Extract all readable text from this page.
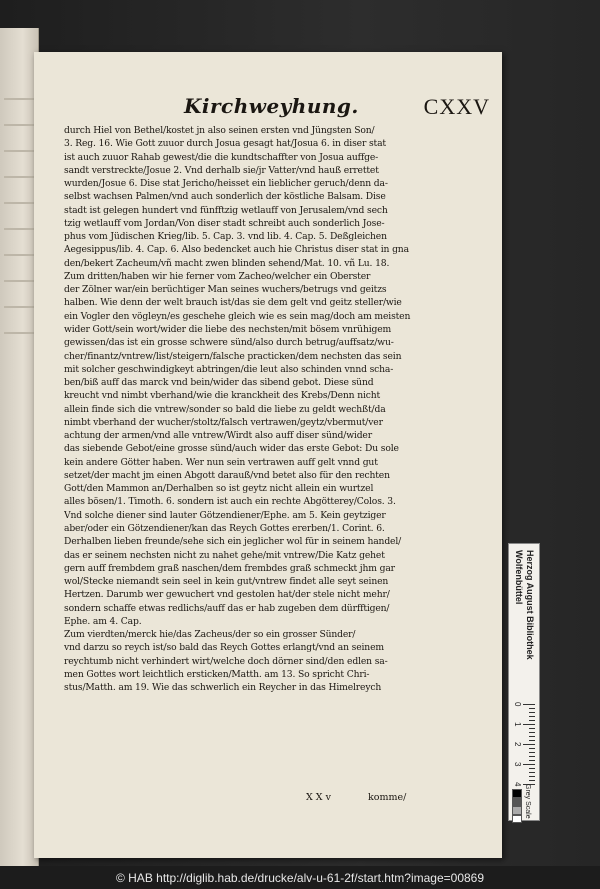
Kirchweyhung.	CXXV
durch Hiel von Bethel/kostet jn also seinen ersten vnd Jüngsten Son/
3. Reg. 16. Wie Gott zuuor durch Josua gesagt hat/Josua 6. in diser stat
ist auch zuuor Rahab gewest/die die kundtschaffter von Josua auffge-
sandt verstreckte/Josue 2. Vnd derhalb sie/jr Vatter/vnd hauß errettet
wurden/Josue 6. Dise stat Jericho/heisset ein lieblicher geruch/denn da-
selbst wachsen Palmen/vnd auch sonderlich der köstliche Balsam. Dise
stadt ist gelegen hundert vnd fünfftzig wetlauff von Jerusalem/vnd sech
tzig wetlauff vom Jordan/Von diser stadt schreibt auch sonderlich Jose-
phus vom Jüdischen Krieg/lib. 5. Cap. 3. vnd lib. 4. Cap. 5. Deßgleichen
Aegesippus/lib. 4. Cap. 6. Also bedencket auch hie Christus diser stat in gna
den/bekert Zacheum/vñ macht zwen blinden sehend/Mat. 10. vñ Lu. 18.
Zum dritten/haben wir hie ferner vom Zacheo/welcher ein Oberster
der Zölner war/ein berüchtiger Man seines wuchers/betrugs vnd geitzs
halben. Wie denn der welt brauch ist/das sie dem gelt vnd geitz steller/wie
ein Vogler den vögleyn/es geschehe gleich wie es sein mag/doch am meisten
wider Gott/sein wort/wider die liebe des nechsten/mit bösem vnrühigem
gewissen/das ist ein grosse schwere sünd/also durch betrug/auffsatz/wu-
cher/finantz/vntrew/list/steigern/falsche practicken/dem nechsten das sein
mit solcher geschwindigkeyt abtringen/die leut also schinden vnnd scha-
ben/biß auff das marck vnd bein/wider das sibend gebot. Diese sünd
kreucht vnd nimbt vberhand/wie die kranckheit des Krebs/Denn nicht
allein finde sich die vntrew/sonder so bald die liebe zu geldt wechßt/da
nimbt vberhand der wucher/stoltz/falsch vertrawen/geytz/vbermut/ver
achtung der armen/vnd alle vntrew/Wirdt also auff diser sünd/wider
das siebende Gebot/eine grosse sünd/auch wider das erste Gebot: Du sole
kein andere Götter haben. Wer nun sein vertrawen auff gelt vnnd gut
setzet/der macht jm einen Abgott darauß/vnd betet also für den rechten
Gott/den Mammon an/Derhalben so ist geytz nicht allein ein wurtzel
alles bösen/1. Timoth. 6. sondern ist auch ein rechte Abgötterey/Colos. 3.
Vnd solche diener sind lauter Götzendiener/Ephe. am 5. Kein geytziger
aber/oder ein Götzendiener/kan das Reych Gottes ererben/1. Corint. 6.
Derhalben lieben freunde/sehe sich ein jeglicher wol für in seinem handel/
das er seinem nechsten nicht zu nahet gehe/mit vntrew/Die Katz gehet
gern auff frembdem graß naschen/dem frembdes graß schmeckt jhm gar
wol/Stecke niemandt sein seel in kein gut/vntrew findet alle seyt seinen
Hertzen. Darumb wer gewuchert vnd gestolen hat/der stele nicht mehr/
sondern schaffe etwas redlichs/auff das er hab zugeben dem dürfftigen/
Ephe. am 4. Cap.
Zum vierdten/merck hie/das Zacheus/der so ein grosser Sünder/
vnd darzu so reych ist/so bald das Reych Gottes erlangt/vnd an seinem
reychtumb nicht verhindert wirt/welche doch dörner sind/den edlen sa-
men Gottes wort leichtlich ersticken/Matth. am 13. So spricht Chri-
stus/Matth. am 19. Wie das schwerlich ein Reycher in das Himelreych
X X v	komme/
Herzog August Bibliothek Wolfenbüttel
0
1
2
3
4 Grey Scale
© HAB http://diglib.hab.de/drucke/alv-u-61-2f/start.htm?image=00869
